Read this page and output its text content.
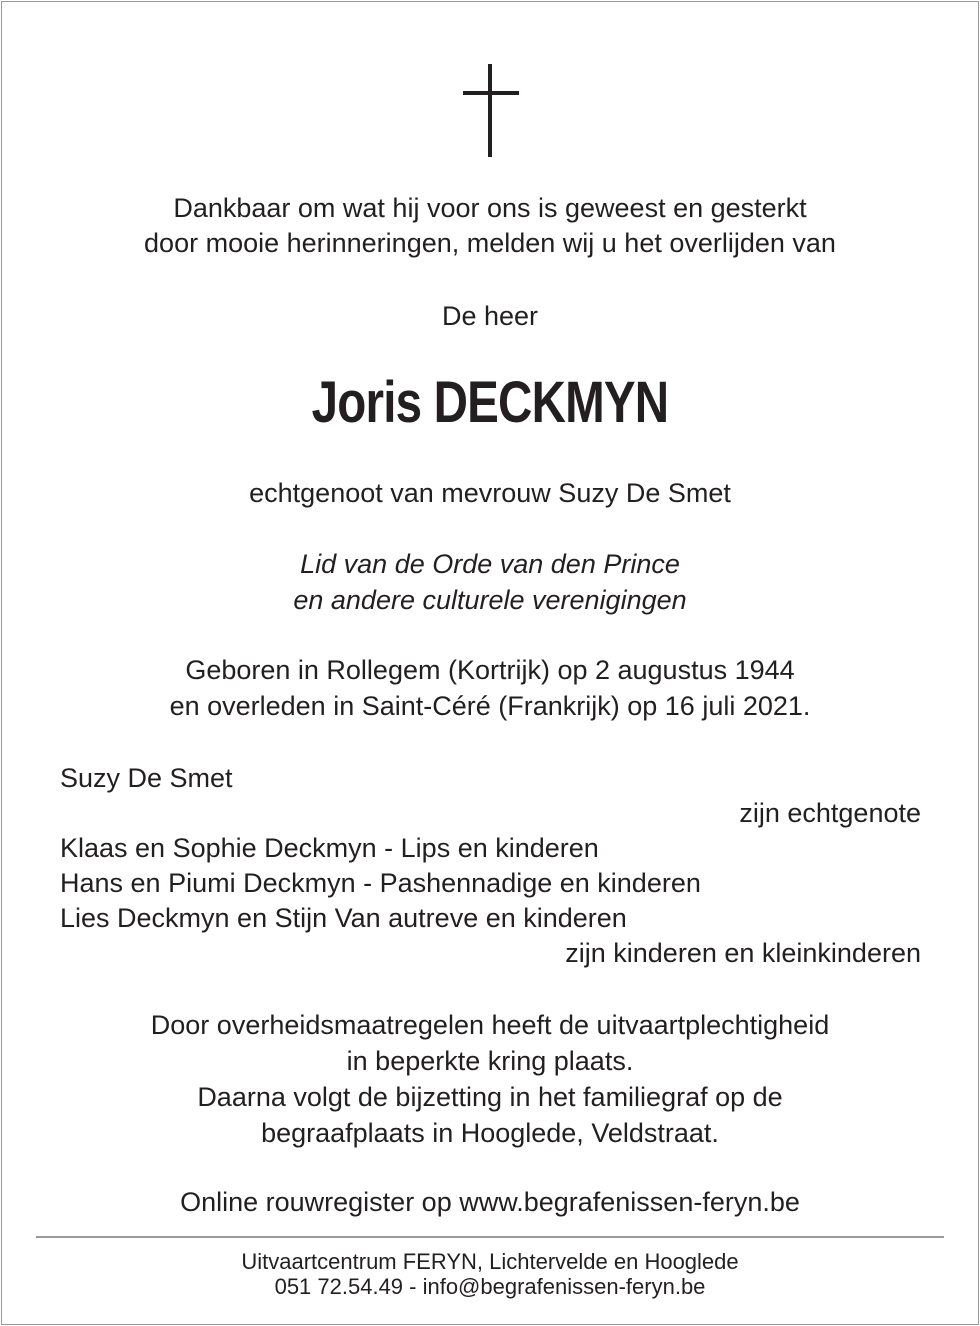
Dankbaar om wat hij voor ons is geweest en gesterkt
door mooie herinneringen, melden wij u het overlijden van
De heer
Joris DECKMYN
echtgenoot van mevrouw Suzy De Smet
Lid van de Orde van den Prince
en andere culturele verenigingen
Geboren in Rollegem (Kortrijk) op 2 augustus 1944
en overleden in Saint-Céré (Frankrijk) op 16 juli 2021.
Suzy De Smet
zijn echtgenote
Klaas en Sophie Deckmyn - Lips en kinderen
Hans en Piumi Deckmyn - Pashennadige en kinderen
Lies Deckmyn en Stijn Van autreve en kinderen
zijn kinderen en kleinkinderen
Door overheidsmaatregelen heeft de uitvaartplechtigheid
in beperkte kring plaats.
Daarna volgt de bijzetting in het familiegraf op de
begraafplaats in Hooglede, Veldstraat.
Online rouwregister op www.begrafenissen-feryn.be
Uitvaartcentrum FERYN, Lichtervelde en Hooglede
051 72.54.49 - info@begrafenissen-feryn.be
